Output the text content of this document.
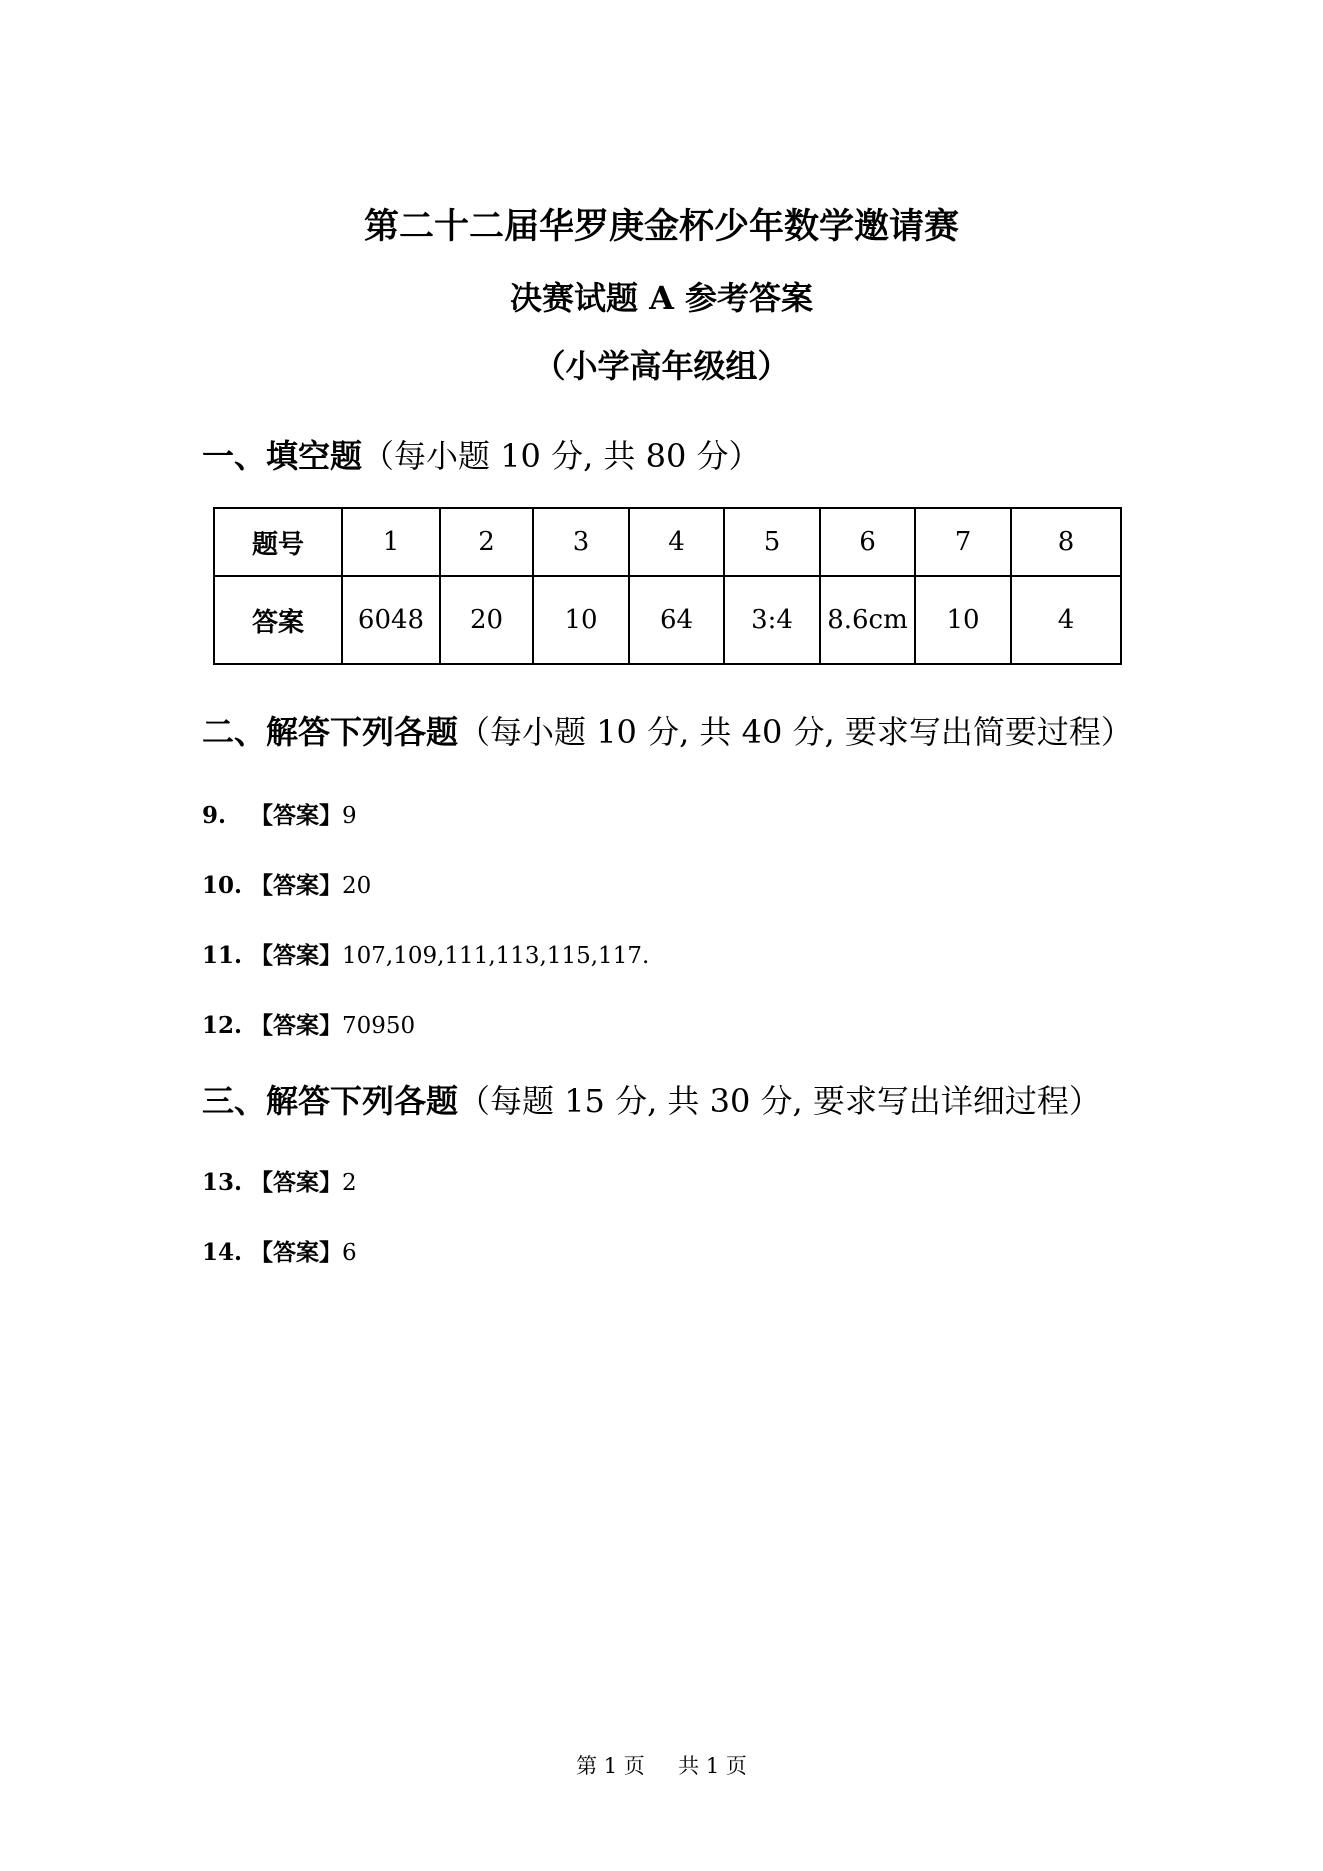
第二十二届华罗庚金杯少年数学邀请赛
决赛试题 A 参考答案
（小学高年级组）
一、填空题（每小题 10 分, 共 80 分）
题号	1	2	3	4	5	6	7	8
答案	6048	20	10	64	3:4	8.6cm	10	4
二、解答下列各题（每小题 10 分, 共 40 分, 要求写出简要过程）
9. 【答案】9
10. 【答案】20
11. 【答案】107,109,111,113,115,117.
12. 【答案】70950
三、解答下列各题（每题 15 分, 共 30 分, 要求写出详细过程）
13. 【答案】2
14. 【答案】6
第 1 页     共 1 页
